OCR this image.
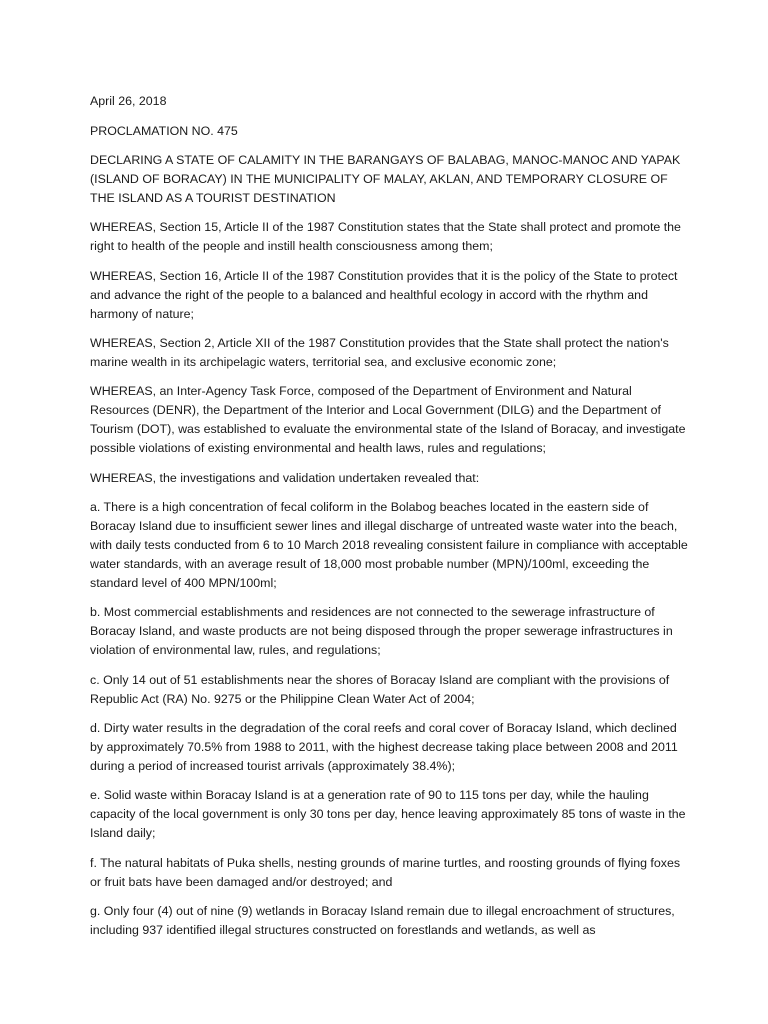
April 26, 2018

PROCLAMATION NO. 475

DECLARING A STATE OF CALAMITY IN THE BARANGAYS OF BALABAG, MANOC-MANOC AND YAPAK (ISLAND OF BORACAY) IN THE MUNICIPALITY OF MALAY, AKLAN, AND TEMPORARY CLOSURE OF THE ISLAND AS A TOURIST DESTINATION

WHEREAS, Section 15, Article II of the 1987 Constitution states that the State shall protect and promote the right to health of the people and instill health consciousness among them;

WHEREAS, Section 16, Article II of the 1987 Constitution provides that it is the policy of the State to protect and advance the right of the people to a balanced and healthful ecology in accord with the rhythm and harmony of nature;

WHEREAS, Section 2, Article XII of the 1987 Constitution provides that the State shall protect the nation's marine wealth in its archipelagic waters, territorial sea, and exclusive economic zone;

WHEREAS, an Inter-Agency Task Force, composed of the Department of Environment and Natural Resources (DENR), the Department of the Interior and Local Government (DILG) and the Department of Tourism (DOT), was established to evaluate the environmental state of the Island of Boracay, and investigate possible violations of existing environmental and health laws, rules and regulations;

WHEREAS, the investigations and validation undertaken revealed that:

a. There is a high concentration of fecal coliform in the Bolabog beaches located in the eastern side of Boracay Island due to insufficient sewer lines and illegal discharge of untreated waste water into the beach, with daily tests conducted from 6 to 10 March 2018 revealing consistent failure in compliance with acceptable water standards, with an average result of 18,000 most probable number (MPN)/100ml, exceeding the standard level of 400 MPN/100ml;

b. Most commercial establishments and residences are not connected to the sewerage infrastructure of Boracay Island, and waste products are not being disposed through the proper sewerage infrastructures in violation of environmental law, rules, and regulations;

c. Only 14 out of 51 establishments near the shores of Boracay Island are compliant with the provisions of Republic Act (RA) No. 9275 or the Philippine Clean Water Act of 2004;

d. Dirty water results in the degradation of the coral reefs and coral cover of Boracay Island, which declined by approximately 70.5% from 1988 to 2011, with the highest decrease taking place between 2008 and 2011 during a period of increased tourist arrivals (approximately 38.4%);

e. Solid waste within Boracay Island is at a generation rate of 90 to 115 tons per day, while the hauling capacity of the local government is only 30 tons per day, hence leaving approximately 85 tons of waste in the Island daily;

f. The natural habitats of Puka shells, nesting grounds of marine turtles, and roosting grounds of flying foxes or fruit bats have been damaged and/or destroyed; and

g. Only four (4) out of nine (9) wetlands in Boracay Island remain due to illegal encroachment of structures, including 937 identified illegal structures constructed on forestlands and wetlands, as well as
